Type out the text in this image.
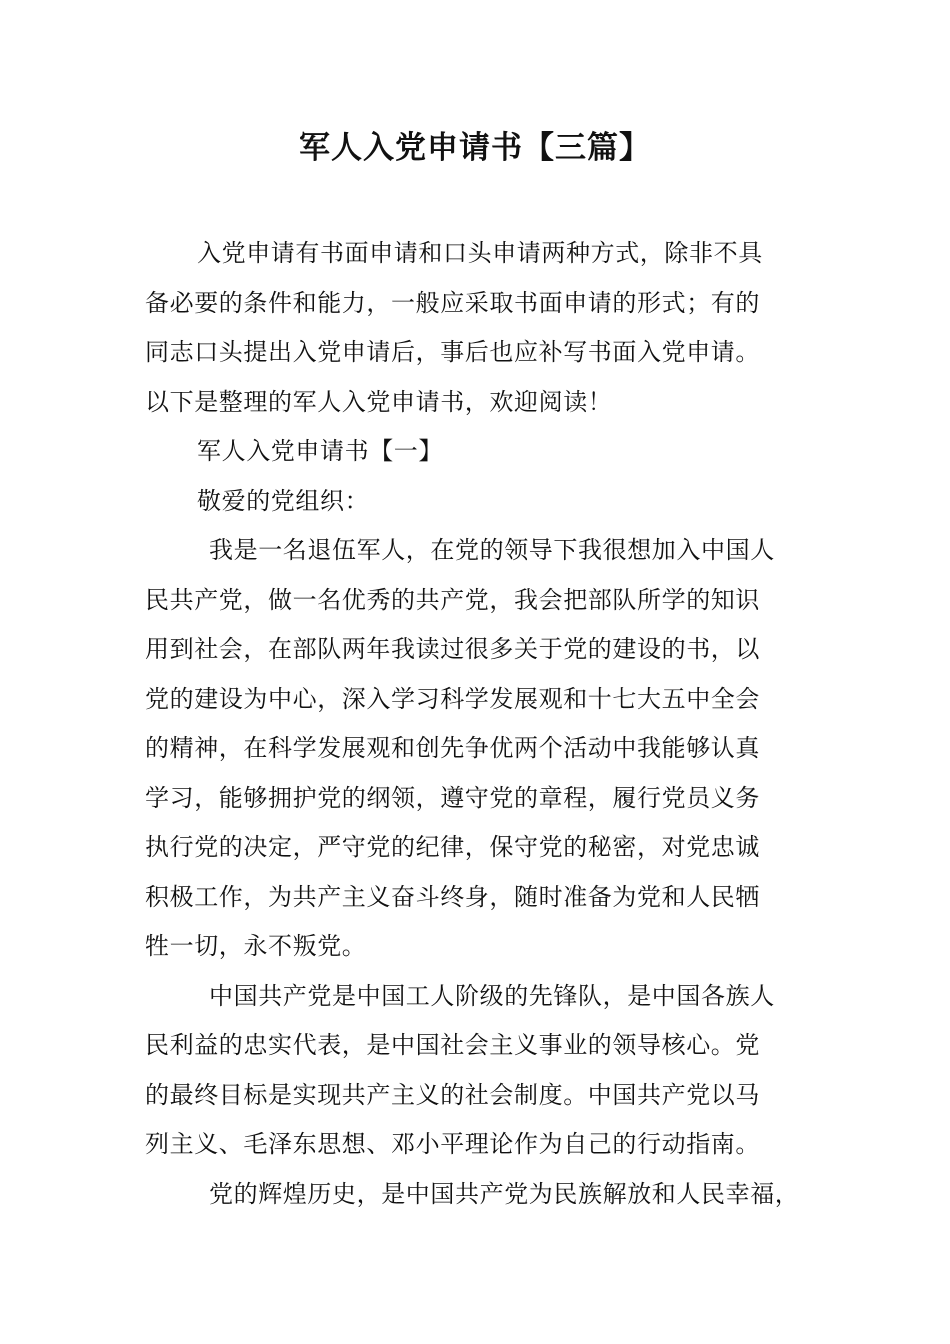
军人入党申请书【三篇】
入党申请有书面申请和口头申请两种方式，除非不具
备必要的条件和能力，一般应采取书面申请的形式；有的
同志口头提出入党申请后，事后也应补写书面入党申请。
以下是整理的军人入党申请书，欢迎阅读！
军人入党申请书【一】
敬爱的党组织：
我是一名退伍军人，在党的领导下我很想加入中国人
民共产党，做一名优秀的共产党，我会把部队所学的知识
用到社会，在部队两年我读过很多关于党的建设的书，以
党的建设为中心，深入学习科学发展观和十七大五中全会
的精神，在科学发展观和创先争优两个活动中我能够认真
学习，能够拥护党的纲领，遵守党的章程，履行党员义务
执行党的决定，严守党的纪律，保守党的秘密，对党忠诚
积极工作，为共产主义奋斗终身，随时准备为党和人民牺
牲一切，永不叛党。
中国共产党是中国工人阶级的先锋队，是中国各族人
民利益的忠实代表，是中国社会主义事业的领导核心。党
的最终目标是实现共产主义的社会制度。中国共产党以马
列主义、毛泽东思想、邓小平理论作为自己的行动指南。
党的辉煌历史，是中国共产党为民族解放和人民幸福，
